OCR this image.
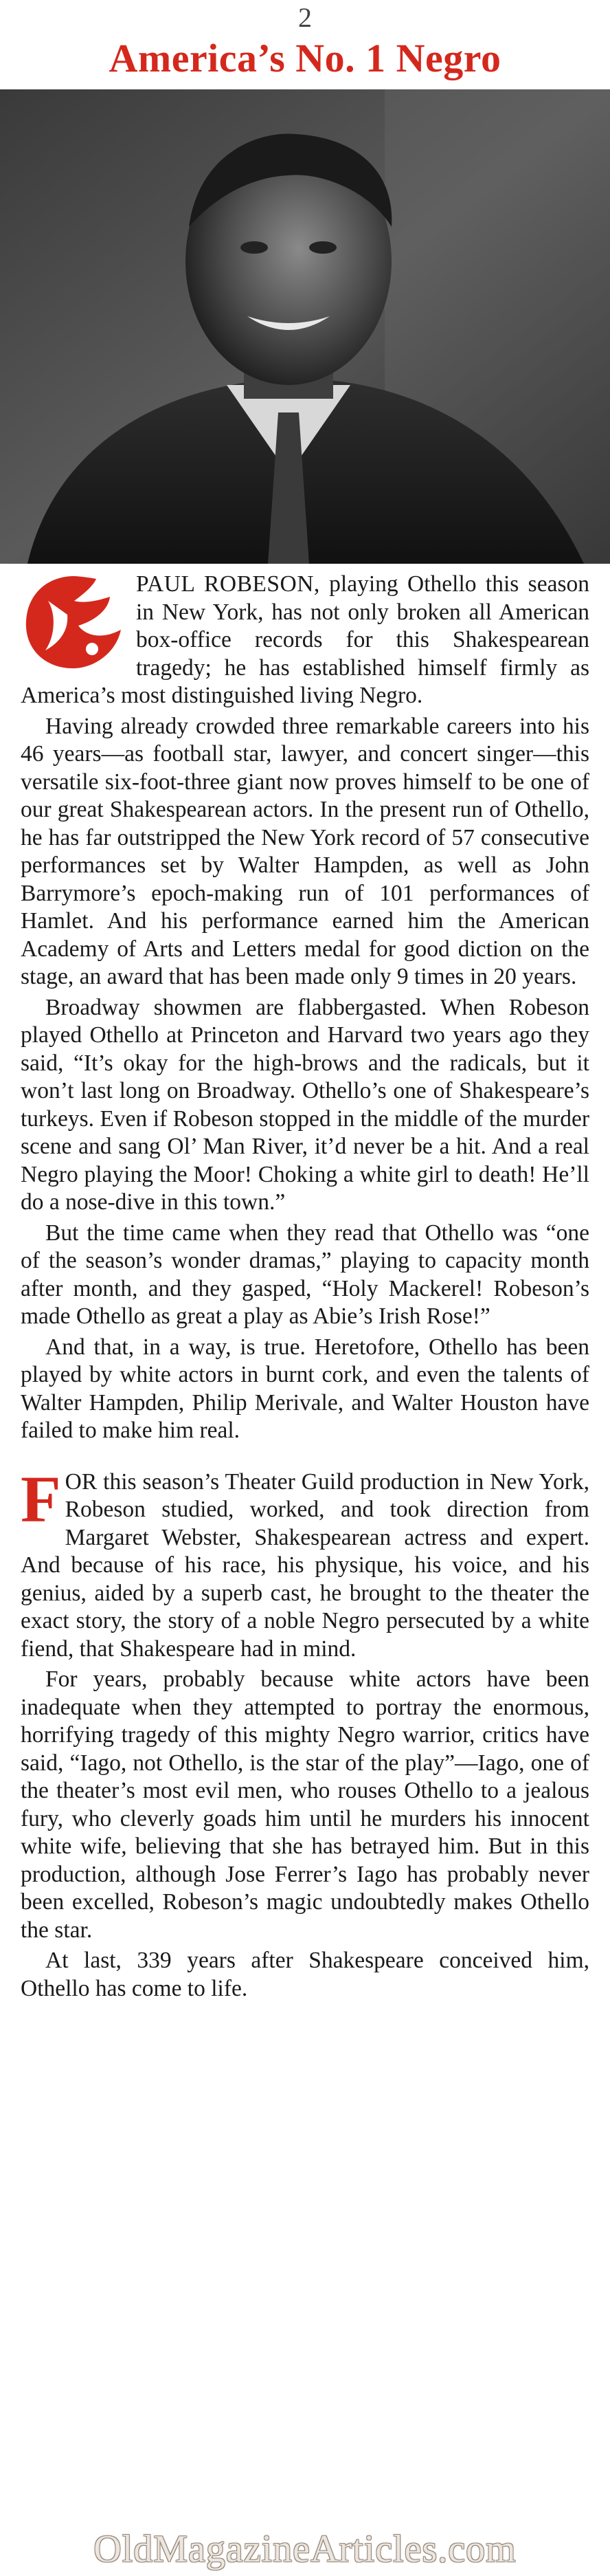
2
America’s No. 1 Negro

PAUL ROBESON, playing Othello this season in New York, has not only broken all American box-office records for this Shakespearean tragedy; he has established himself firmly as America’s most distinguished living Negro.

Having already crowded three remarkable careers into his 46 years—as football star, lawyer, and concert singer—this versatile six-foot-three giant now proves himself to be one of our great Shakespearean actors. In the present run of Othello, he has far outstripped the New York record of 57 consecutive performances set by Walter Hampden, as well as John Barrymore’s epoch-making run of 101 performances of Hamlet. And his performance earned him the American Academy of Arts and Letters medal for good diction on the stage, an award that has been made only 9 times in 20 years.

Broadway showmen are flabbergasted. When Robeson played Othello at Princeton and Harvard two years ago they said, “It’s okay for the high-brows and the radicals, but it won’t last long on Broadway. Othello’s one of Shakespeare’s turkeys. Even if Robeson stopped in the middle of the murder scene and sang Ol’ Man River, it’d never be a hit. And a real Negro playing the Moor! Choking a white girl to death! He’ll do a nose-dive in this town.”

But the time came when they read that Othello was “one of the season’s wonder dramas,” playing to capacity month after month, and they gasped, “Holy Mackerel! Robeson’s made Othello as great a play as Abie’s Irish Rose!”

And that, in a way, is true. Heretofore, Othello has been played by white actors in burnt cork, and even the talents of Walter Hampden, Philip Merivale, and Walter Houston have failed to make him real.

FOR this season’s Theater Guild production in New York, Robeson studied, worked, and took direction from Margaret Webster, Shakespearean actress and expert. And because of his race, his physique, his voice, and his genius, aided by a superb cast, he brought to the theater the exact story, the story of a noble Negro persecuted by a white fiend, that Shakespeare had in mind.

For years, probably because white actors have been inadequate when they attempted to portray the enormous, horrifying tragedy of this mighty Negro warrior, critics have said, “Iago, not Othello, is the star of the play”—Iago, one of the theater’s most evil men, who rouses Othello to a jealous fury, who cleverly goads him until he murders his innocent white wife, believing that she has betrayed him. But in this production, although Jose Ferrer’s Iago has probably never been excelled, Robeson’s magic undoubtedly makes Othello the star.

At last, 339 years after Shakespeare conceived him, Othello has come to life.

OldMagazineArticles.com
